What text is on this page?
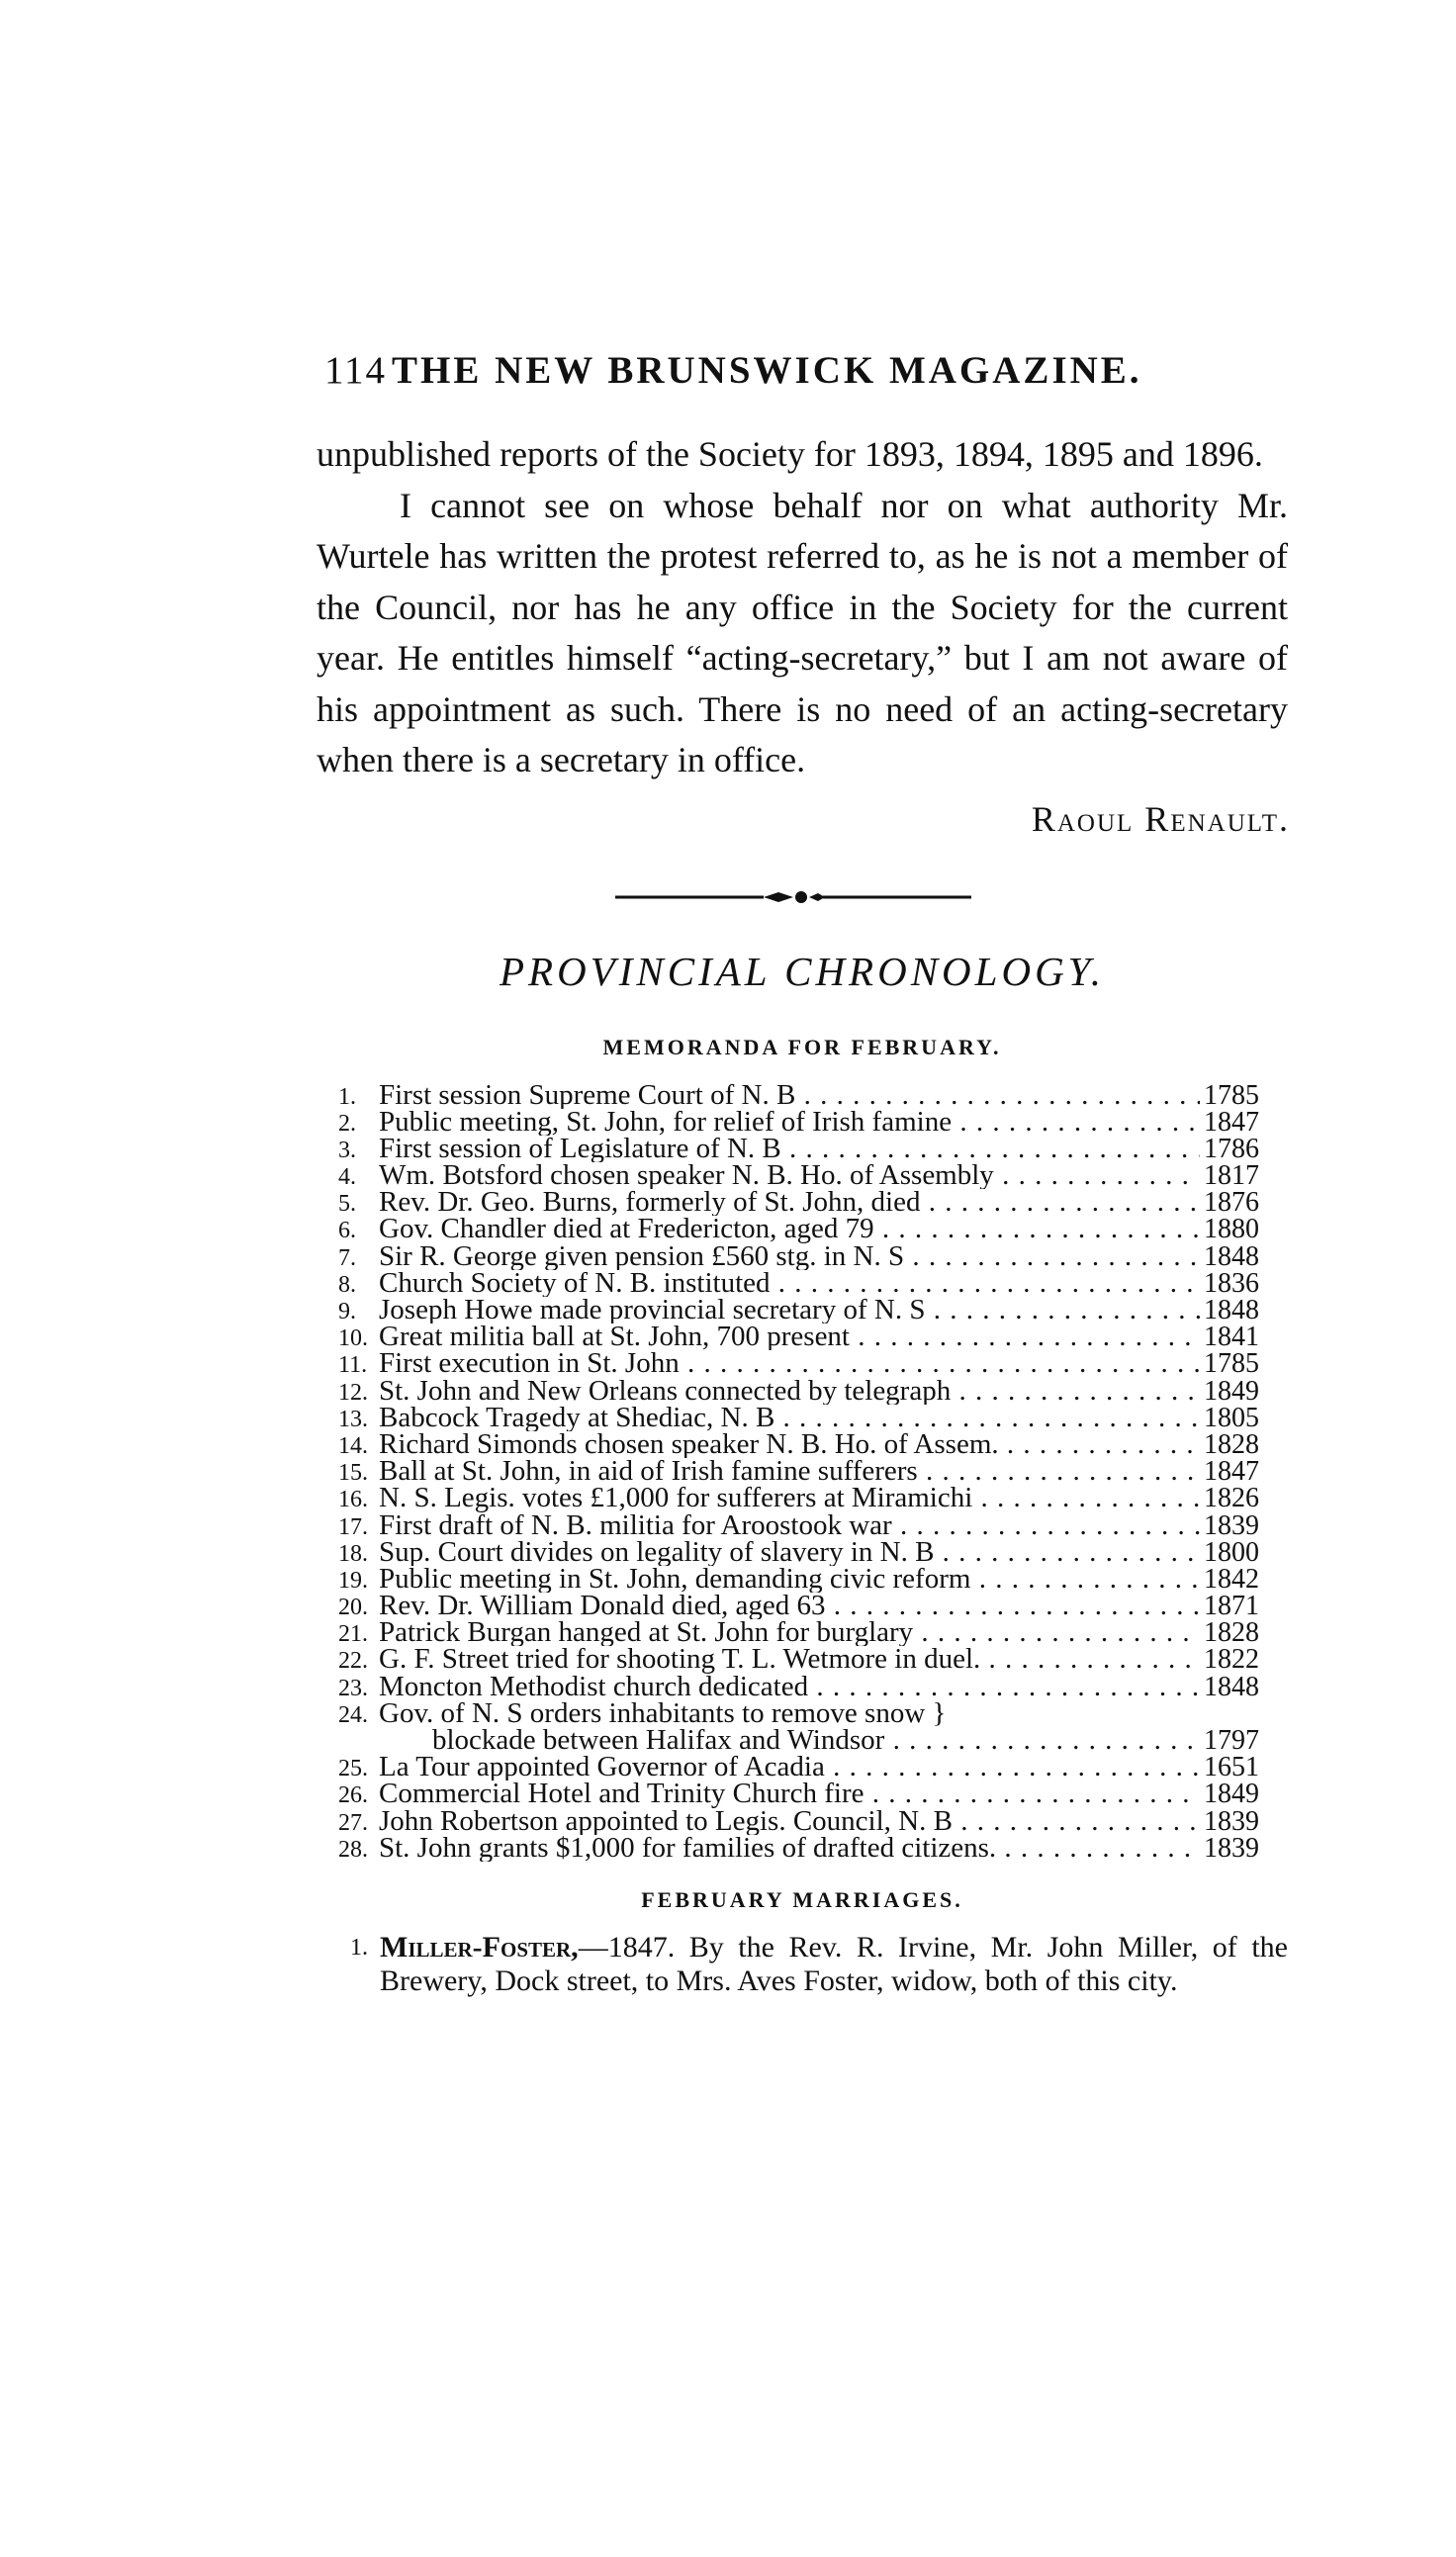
114 THE NEW BRUNSWICK MAGAZINE.

unpublished reports of the Society for 1893, 1894, 1895 and 1896.

I cannot see on whose behalf nor on what authority Mr. Wurtele has written the protest referred to, as he is not a member of the Council, nor has he any office in the Society for the current year. He entitles himself “acting-secretary,” but I am not aware of his appointment as such. There is no need of an acting-secretary when there is a secretary in office.

Raoul Renault.
PROVINCIAL CHRONOLOGY.
MEMORANDA FOR FEBRUARY.
1. First session Supreme Court of N. B . . .	1785
2. Public meeting, St. John, for relief of Irish famine . . .	1847
3. First session of Legislature of N. B . . .	1786
4. Wm. Botsford chosen speaker N. B. Ho. of Assembly . . .	1817
5. Rev. Dr. Geo. Burns, formerly of St. John, died . . .	1876
6. Gov. Chandler died at Fredericton, aged 79 . . .	1880
7. Sir R. George given pension £560 stg. in N. S . . .	1848
8. Church Society of N. B. instituted . . .	1836
9. Joseph Howe made provincial secretary of N. S . . .	1848
10. Great militia ball at St. John, 700 present . . .	1841
11. First execution in St. John . . .	1785
12. St. John and New Orleans connected by telegraph . . .	1849
13. Babcock Tragedy at Shediac, N. B . . .	1805
14. Richard Simonds chosen speaker N. B. Ho. of Assem. . . .	1828
15. Ball at St. John, in aid of Irish famine sufferers . . .	1847
16. N. S. Legis. votes £1,000 for sufferers at Miramichi . . .	1826
17. First draft of N. B. militia for Aroostook war . . .	1839
18. Sup. Court divides on legality of slavery in N. B . . .	1800
19. Public meeting in St. John, demanding civic reform . . .	1842
20. Rev. Dr. William Donald died, aged 63 . . .	1871
21. Patrick Burgan hanged at St. John for burglary . . .	1828
22. G. F. Street tried for shooting T. L. Wetmore in duel. . . .	1822
23. Moncton Methodist church dedicated . . .	1848
24. Gov. of N. S orders inhabitants to remove snow }
blockade between Halifax and Windsor . . .	1797
25. La Tour appointed Governor of Acadia . . .	1651
26. Commercial Hotel and Trinity Church fire . . .	1849
27. John Robertson appointed to Legis. Council, N. B . . .	1839
28. St. John grants $1,000 for families of drafted citizens. . . .	1839
FEBRUARY MARRIAGES.
1. Miller-Foster,—1847. By the Rev. R. Irvine, Mr. John Miller, of the Brewery, Dock street, to Mrs. Aves Foster, widow, both of this city.
